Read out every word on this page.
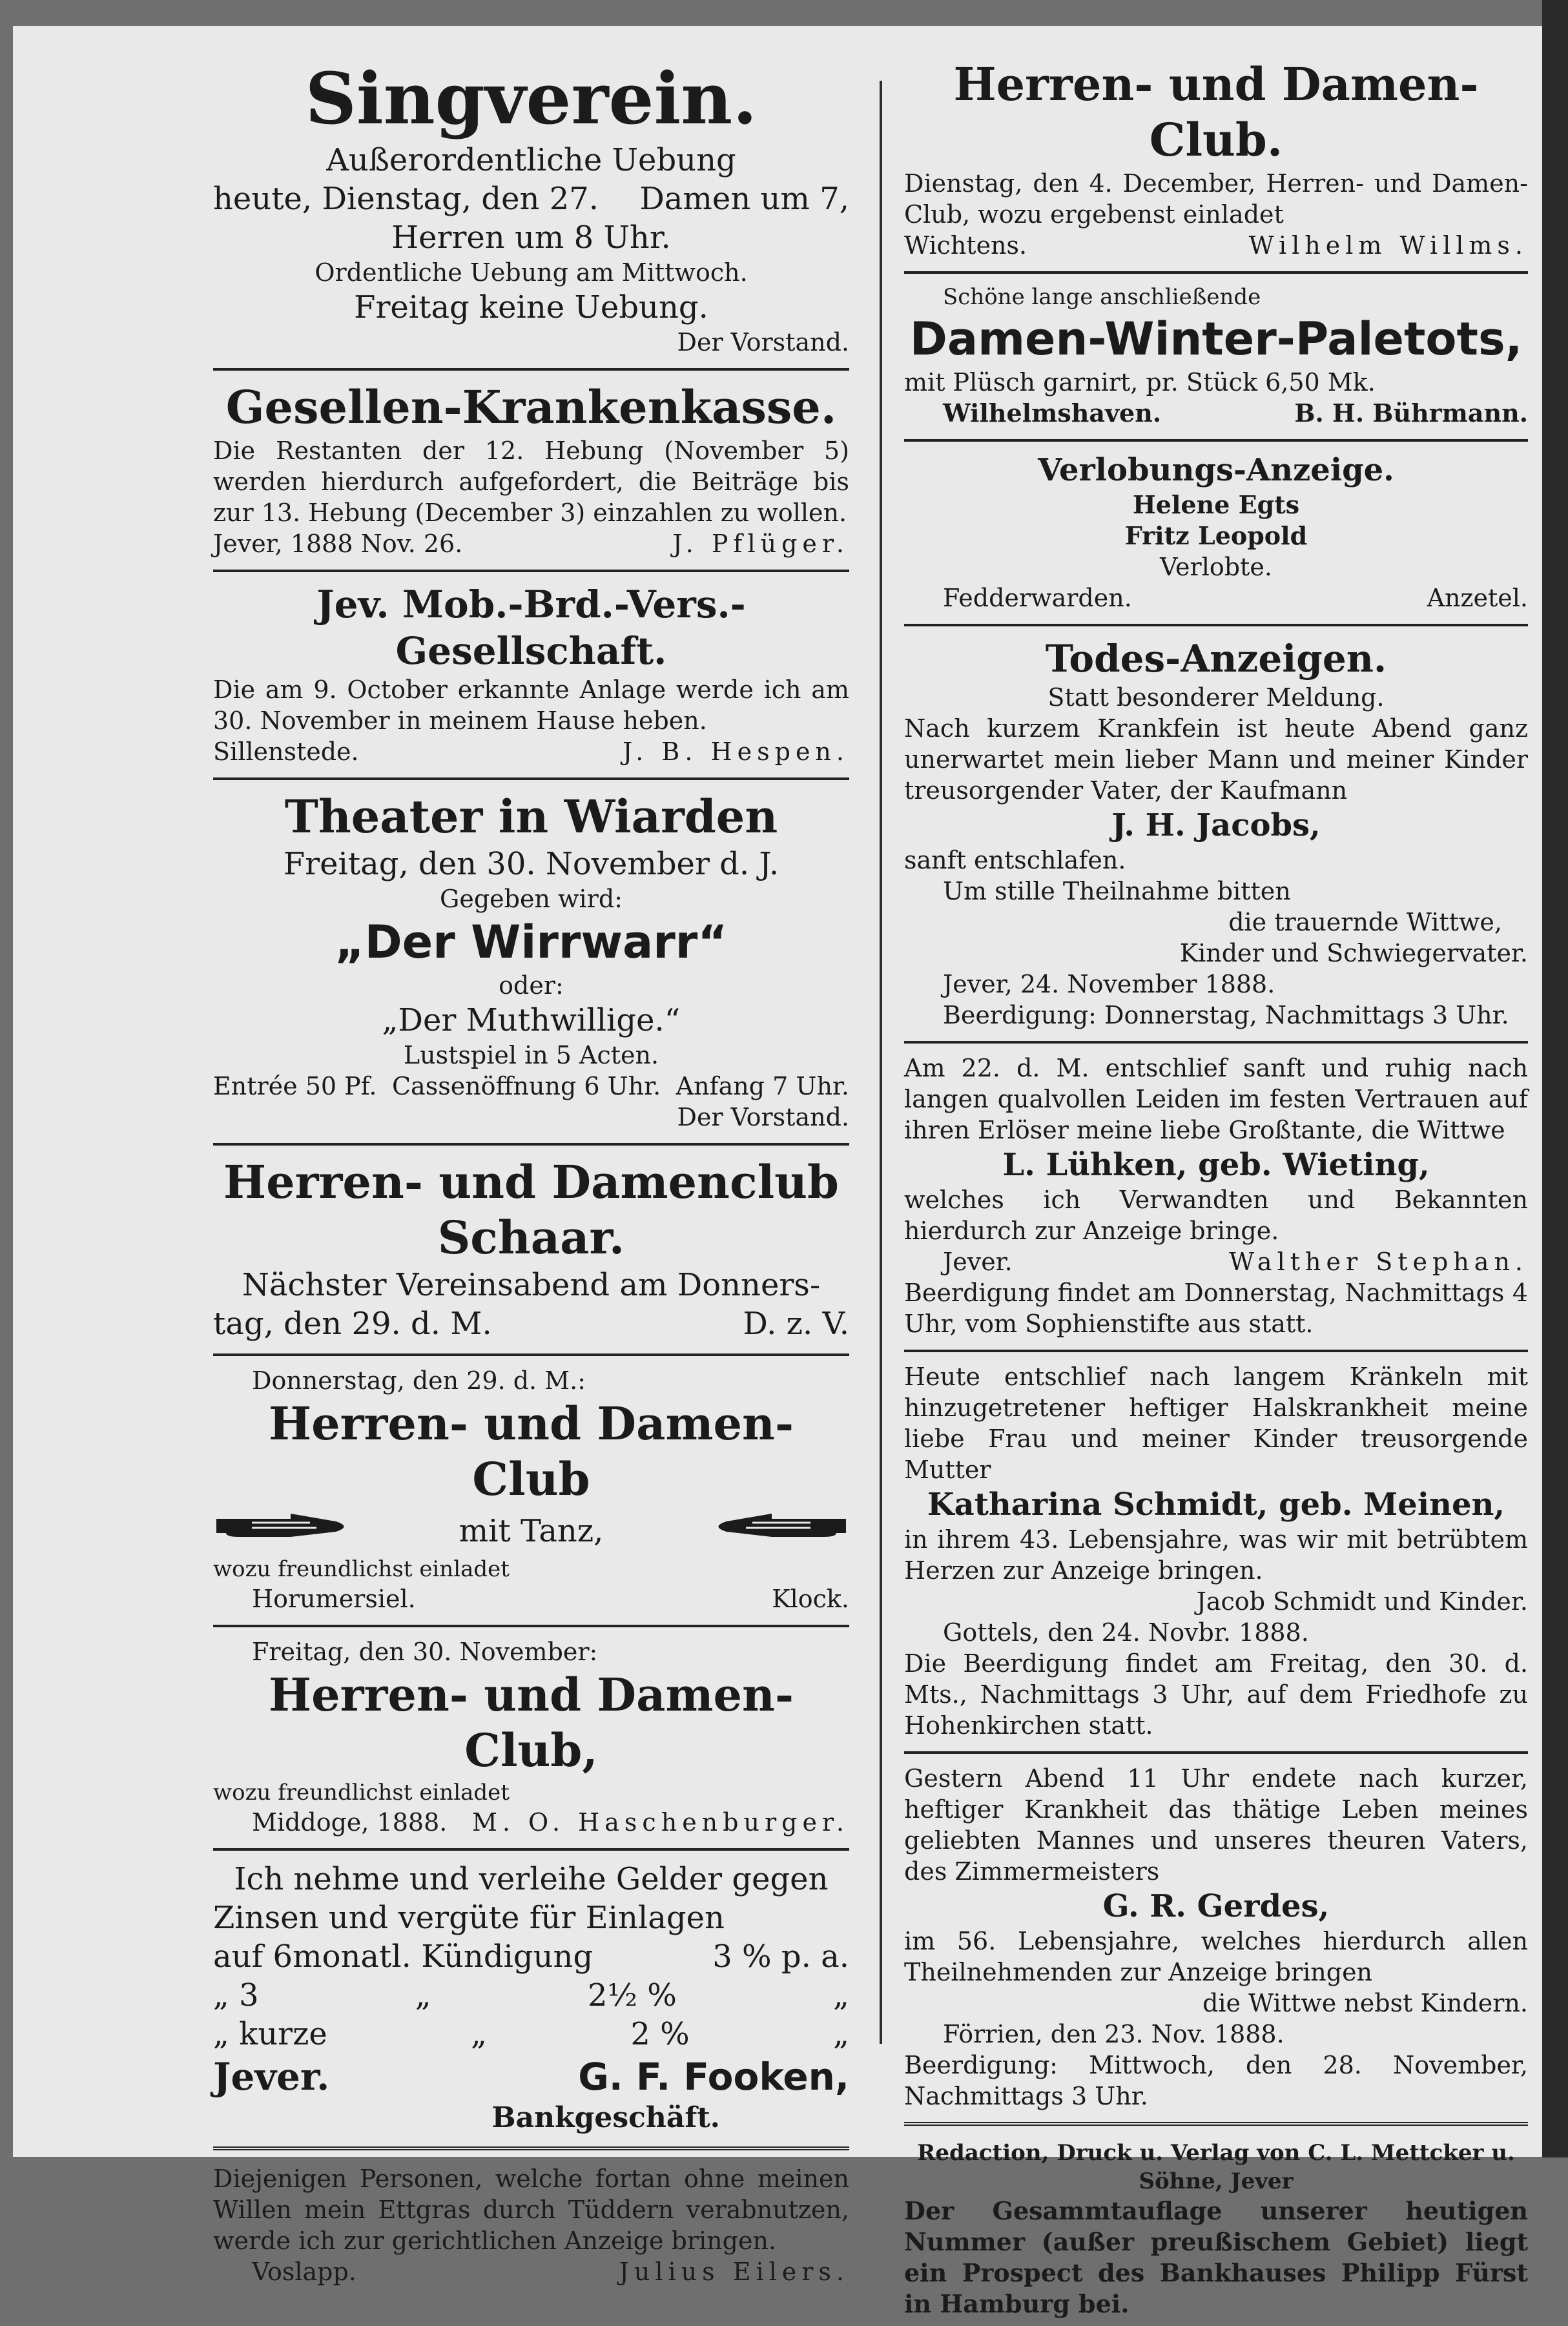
Singverein.
Außerordentliche Uebung
heute, Dienstag, den 27. Damen um 7,
Herren um 8 Uhr.
Ordentliche Uebung am Mittwoch.
Freitag keine Uebung.
Der Vorstand.
Gesellen-Krankenkasse.
Die Restanten der 12. Hebung (November 5) werden hierdurch aufgefordert, die Beiträge bis zur 13. Hebung (December 3) einzahlen zu wollen.
Jever, 1888 Nov. 26.	J. Pflüger.
Jev. Mob.-Brd.-Vers.-Gesellschaft.
Die am 9. October erkannte Anlage werde ich am 30. November in meinem Hause heben.
Sillenstede.	J. B. Hespen.
Theater in Wiarden
Freitag, den 30. November d. J.
Gegeben wird:
„Der Wirrwarr“
oder:
„Der Muthwillige.“
Lustspiel in 5 Acten.
Entrée 50 Pf. Cassenöffnung 6 Uhr. Anfang 7 Uhr.
Der Vorstand.
Herren- und Damenclub
Schaar.
Nächster Vereinsabend am Donners-
tag, den 29. d. M.	D. z. V.
Donnerstag, den 29. d. M.:
Herren- und Damen-Club
mit Tanz,
wozu freundlichst einladet
Horumersiel.	Klock.
Freitag, den 30. November:
Herren- und Damen-Club,
wozu freundlichst einladet
Middoge, 1888. M. O. Haschenburger.
Ich nehme und verleihe Gelder gegen
Zinsen und vergüte für Einlagen
auf 6monatl. Kündigung	3 % p. a.
„ 3	„	2½ %	„
„ kurze	„	2 %	„
Jever.	G. F. Fooken,
Bankgeschäft.
Diejenigen Personen, welche fortan ohne meinen Willen mein Ettgras durch Tüddern verabnutzen, werde ich zur gerichtlichen Anzeige bringen.
Voslapp.	Julius Eilers.
Herren- und Damen-Club.
Dienstag, den 4. December, Herren- und Damen-Club, wozu ergebenst einladet
Wichtens.	Wilhelm Willms.
Schöne lange anschließende
Damen-Winter-Paletots,
mit Plüsch garnirt, pr. Stück 6,50 Mk.
Wilhelmshaven.	B. H. Bührmann.
Verlobungs-Anzeige.
Helene Egts
Fritz Leopold
Verlobte.
Fedderwarden.	Anzetel.
Todes-Anzeigen.
Statt besonderer Meldung.
Nach kurzem Krankfein ist heute Abend ganz unerwartet mein lieber Mann und meiner Kinder treusorgender Vater, der Kaufmann
J. H. Jacobs,
sanft entschlafen.
Um stille Theilnahme bitten
die trauernde Wittwe,
Kinder und Schwiegervater.
Jever, 24. November 1888.
Beerdigung: Donnerstag, Nachmittags 3 Uhr.
Am 22. d. M. entschlief sanft und ruhig nach langen qualvollen Leiden im festen Vertrauen auf ihren Erlöser meine liebe Großtante, die Wittwe
L. Lühken, geb. Wieting,
welches ich Verwandten und Bekannten hierdurch zur Anzeige bringe.
Jever.	Walther Stephan.
Beerdigung findet am Donnerstag, Nachmittags 4 Uhr, vom Sophienstifte aus statt.
Heute entschlief nach langem Kränkeln mit hinzugetretener heftiger Halskrankheit meine liebe Frau und meiner Kinder treusorgende Mutter
Katharina Schmidt, geb. Meinen,
in ihrem 43. Lebensjahre, was wir mit betrübtem Herzen zur Anzeige bringen.
Jacob Schmidt und Kinder.
Gottels, den 24. Novbr. 1888.
Die Beerdigung findet am Freitag, den 30. d. Mts., Nachmittags 3 Uhr, auf dem Friedhofe zu Hohenkirchen statt.
Gestern Abend 11 Uhr endete nach kurzer, heftiger Krankheit das thätige Leben meines geliebten Mannes und unseres theuren Vaters, des Zimmermeisters
G. R. Gerdes,
im 56. Lebensjahre, welches hierdurch allen Theilnehmenden zur Anzeige bringen
die Wittwe nebst Kindern.
Förrien, den 23. Nov. 1888.
Beerdigung: Mittwoch, den 28. November, Nachmittags 3 Uhr.
Redaction, Druck u. Verlag von C. L. Mettcker u. Söhne, Jever
Der Gesammtauflage unserer heutigen Nummer (außer preußischem Gebiet) liegt ein Prospect des Bankhauses Philipp Fürst in Hamburg bei.
